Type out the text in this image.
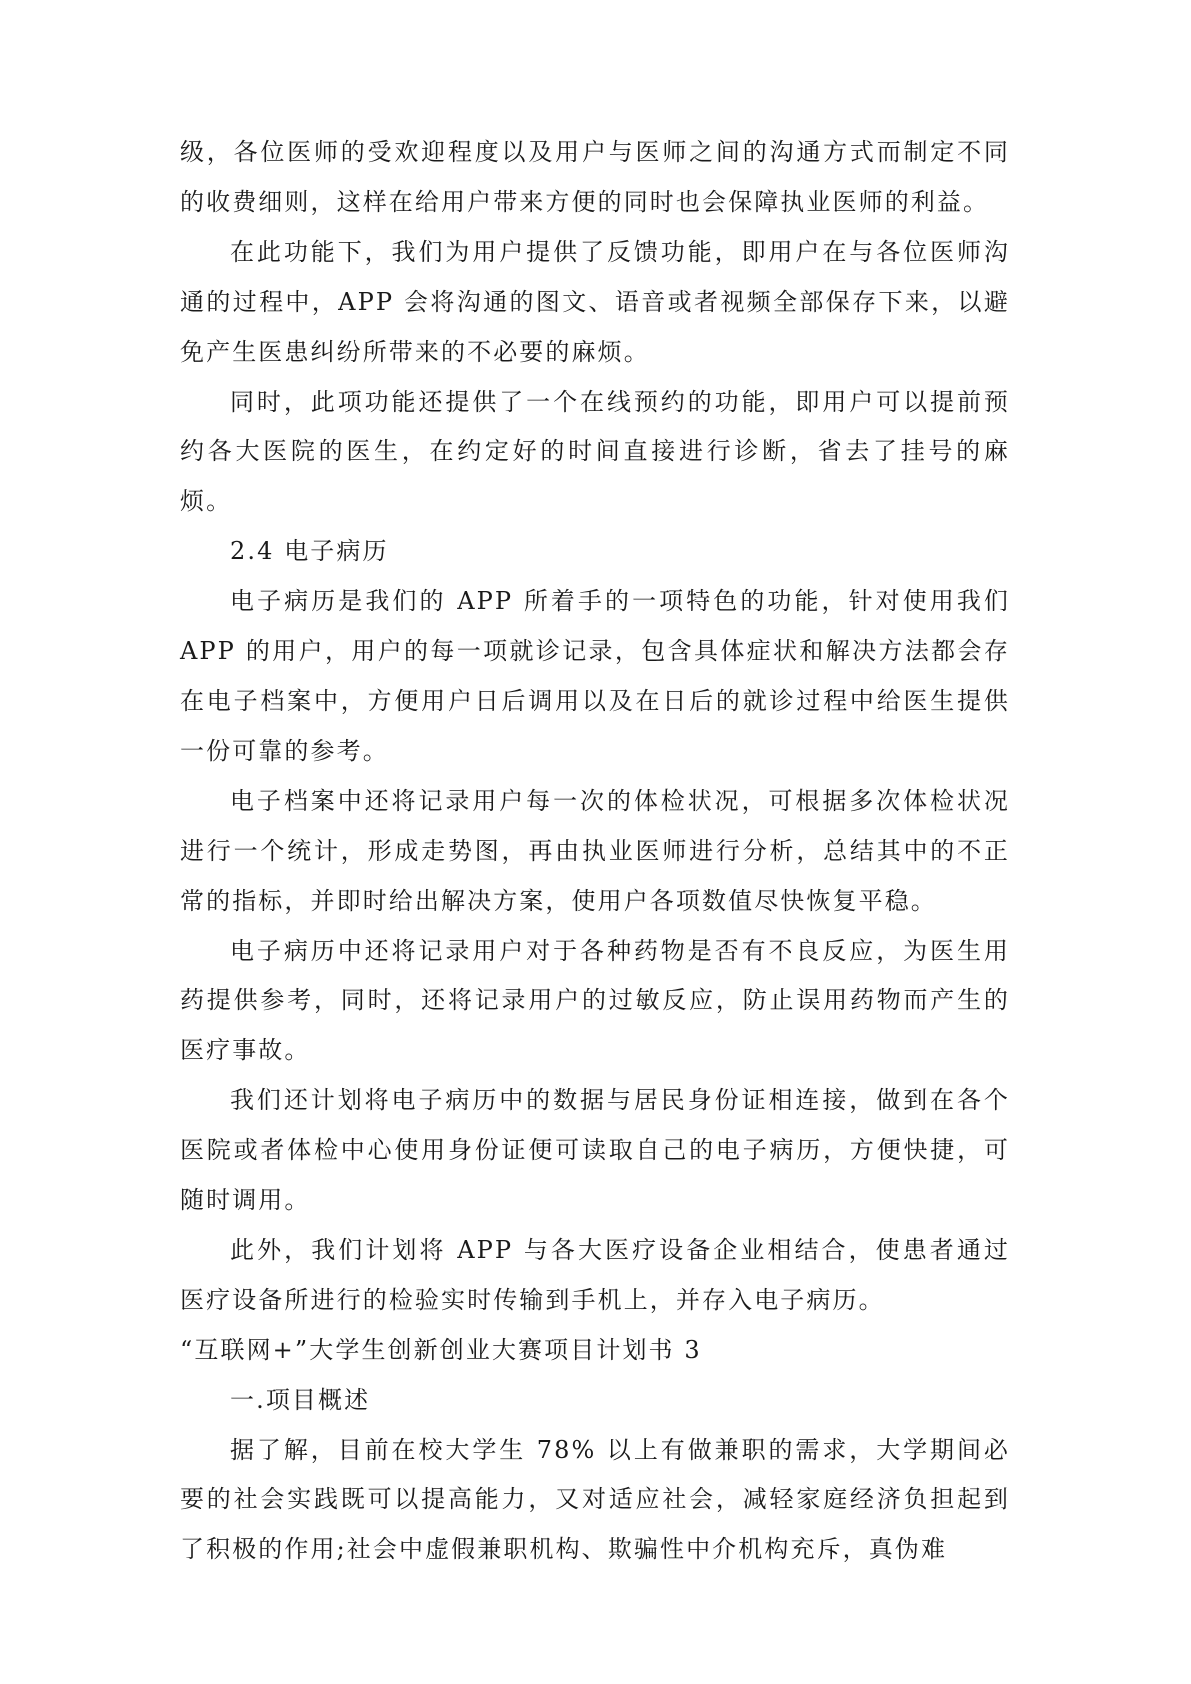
级，各位医师的受欢迎程度以及用户与医师之间的沟通方式而制定不同的收费细则，这样在给用户带来方便的同时也会保障执业医师的利益。

在此功能下，我们为用户提供了反馈功能，即用户在与各位医师沟通的过程中，APP 会将沟通的图文、语音或者视频全部保存下来，以避免产生医患纠纷所带来的不必要的麻烦。

同时，此项功能还提供了一个在线预约的功能，即用户可以提前预约各大医院的医生，在约定好的时间直接进行诊断，省去了挂号的麻烦。

2.4 电子病历

电子病历是我们的 APP 所着手的一项特色的功能，针对使用我们 APP 的用户，用户的每一项就诊记录，包含具体症状和解决方法都会存在电子档案中，方便用户日后调用以及在日后的就诊过程中给医生提供一份可靠的参考。

电子档案中还将记录用户每一次的体检状况，可根据多次体检状况进行一个统计，形成走势图，再由执业医师进行分析，总结其中的不正常的指标，并即时给出解决方案，使用户各项数值尽快恢复平稳。

电子病历中还将记录用户对于各种药物是否有不良反应，为医生用药提供参考，同时，还将记录用户的过敏反应，防止误用药物而产生的医疗事故。

我们还计划将电子病历中的数据与居民身份证相连接，做到在各个医院或者体检中心使用身份证便可读取自己的电子病历，方便快捷，可随时调用。

此外，我们计划将 APP 与各大医疗设备企业相结合，使患者通过医疗设备所进行的检验实时传输到手机上，并存入电子病历。

“互联网+”大学生创新创业大赛项目计划书 3

一.项目概述

据了解，目前在校大学生 78% 以上有做兼职的需求，大学期间必要的社会实践既可以提高能力，又对适应社会，减轻家庭经济负担起到了积极的作用;社会中虚假兼职机构、欺骗性中介机构充斥，真伪难
